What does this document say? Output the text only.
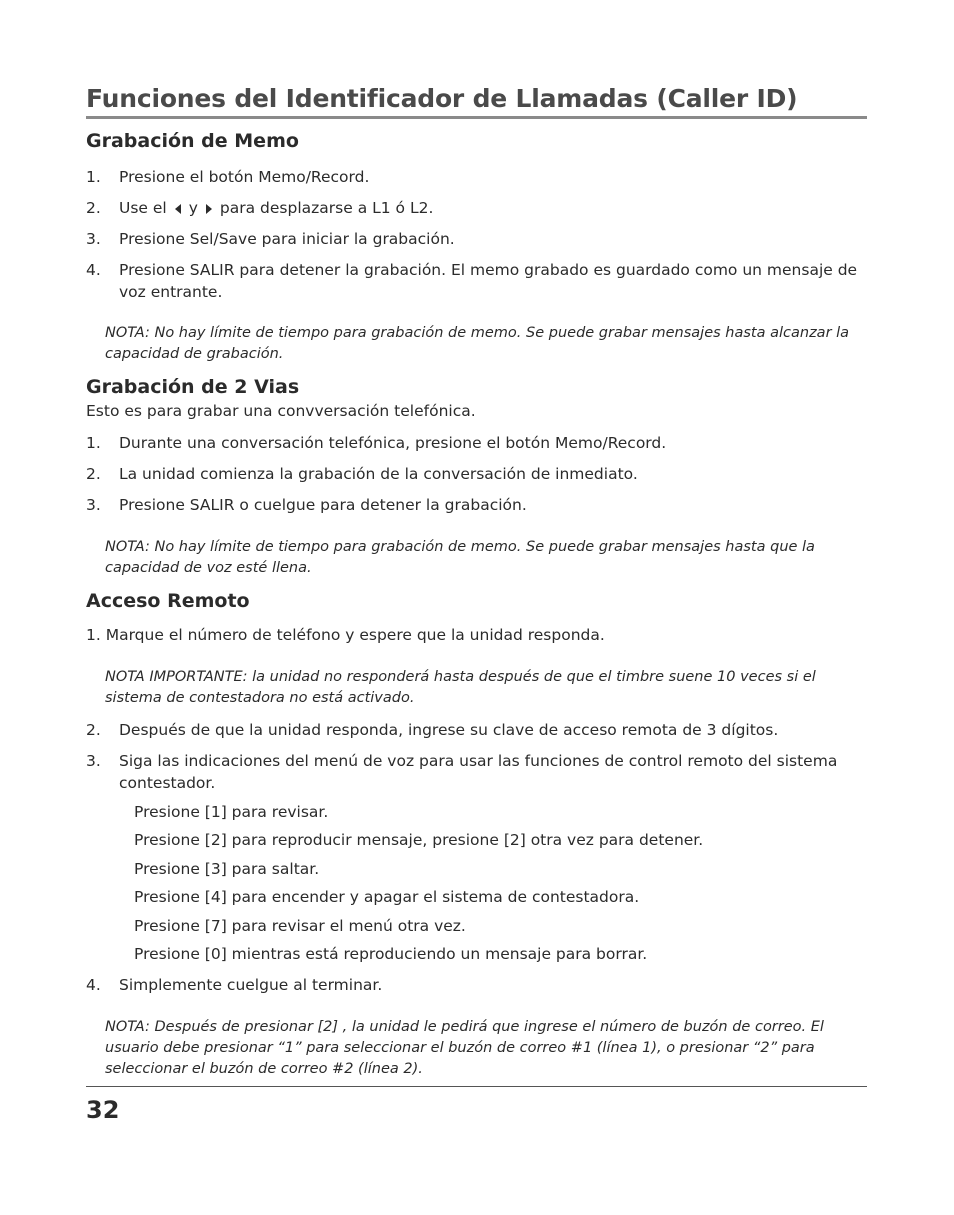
Funciones del Identificador de Llamadas (Caller ID)
Grabación de Memo
1. Presione el botón Memo/Record.
2. Use el y para desplazarse a L1 ó L2.
3. Presione Sel/Save para iniciar la grabación.
4. Presione SALIR para detener la grabación. El memo grabado es guardado como un mensaje de voz entrante.
NOTA: No hay límite de tiempo para grabación de memo. Se puede grabar mensajes hasta alcanzar la capacidad de grabación.
Grabación de 2 Vias
Esto es para grabar una convversación telefónica.
1. Durante una conversación telefónica, presione el botón Memo/Record.
2. La unidad comienza la grabación de la conversación de inmediato.
3. Presione SALIR o cuelgue para detener la grabación.
NOTA: No hay límite de tiempo para grabación de memo. Se puede grabar mensajes hasta que la capacidad de voz esté llena.
Acceso Remoto
1. Marque el número de teléfono y espere que la unidad responda.
NOTA IMPORTANTE: la unidad no responderá hasta después de que el timbre suene 10 veces si el sistema de contestadora no está activado.
2. Después de que la unidad responda, ingrese su clave de acceso remota de 3 dígitos.
3. Siga las indicaciones del menú de voz para usar las funciones de control remoto del sistema contestador.
Presione [1] para revisar.
Presione [2] para reproducir mensaje, presione [2] otra vez para detener.
Presione [3] para saltar.
Presione [4] para encender y apagar el sistema de contestadora.
Presione [7] para revisar el menú otra vez.
Presione [0] mientras está reproduciendo un mensaje para borrar.
4. Simplemente cuelgue al terminar.
NOTA: Después de presionar [2] , la unidad le pedirá que ingrese el número de buzón de correo. El usuario debe presionar “1” para seleccionar el buzón de correo #1 (línea 1), o presionar “2” para seleccionar el buzón de correo #2 (línea 2).
32
